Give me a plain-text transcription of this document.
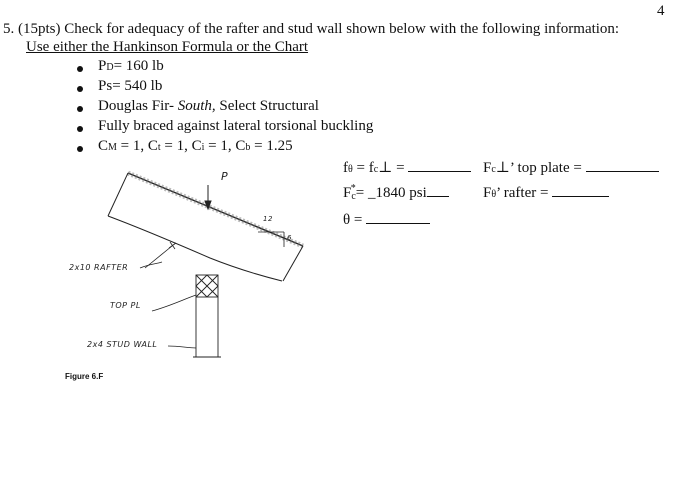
4
5. (15pts) Check for adequacy of the rafter and stud wall shown below with the following information:
Use either the Hankinson Formula or the Chart
PD= 160 lb
Ps= 540 lb
Douglas Fir- South, Select Structural
Fully braced against lateral torsional buckling
CM = 1, Ct = 1, Ci = 1, Cb = 1.25
fθ = fc⊥ =
Fc*= _1840 psi
θ =
Fc⊥’ top plate =
Fθ’ rafter =
P
12
6
2x10 RAFTER
TOP PL
2x4 STUD WALL
Figure 6.F
